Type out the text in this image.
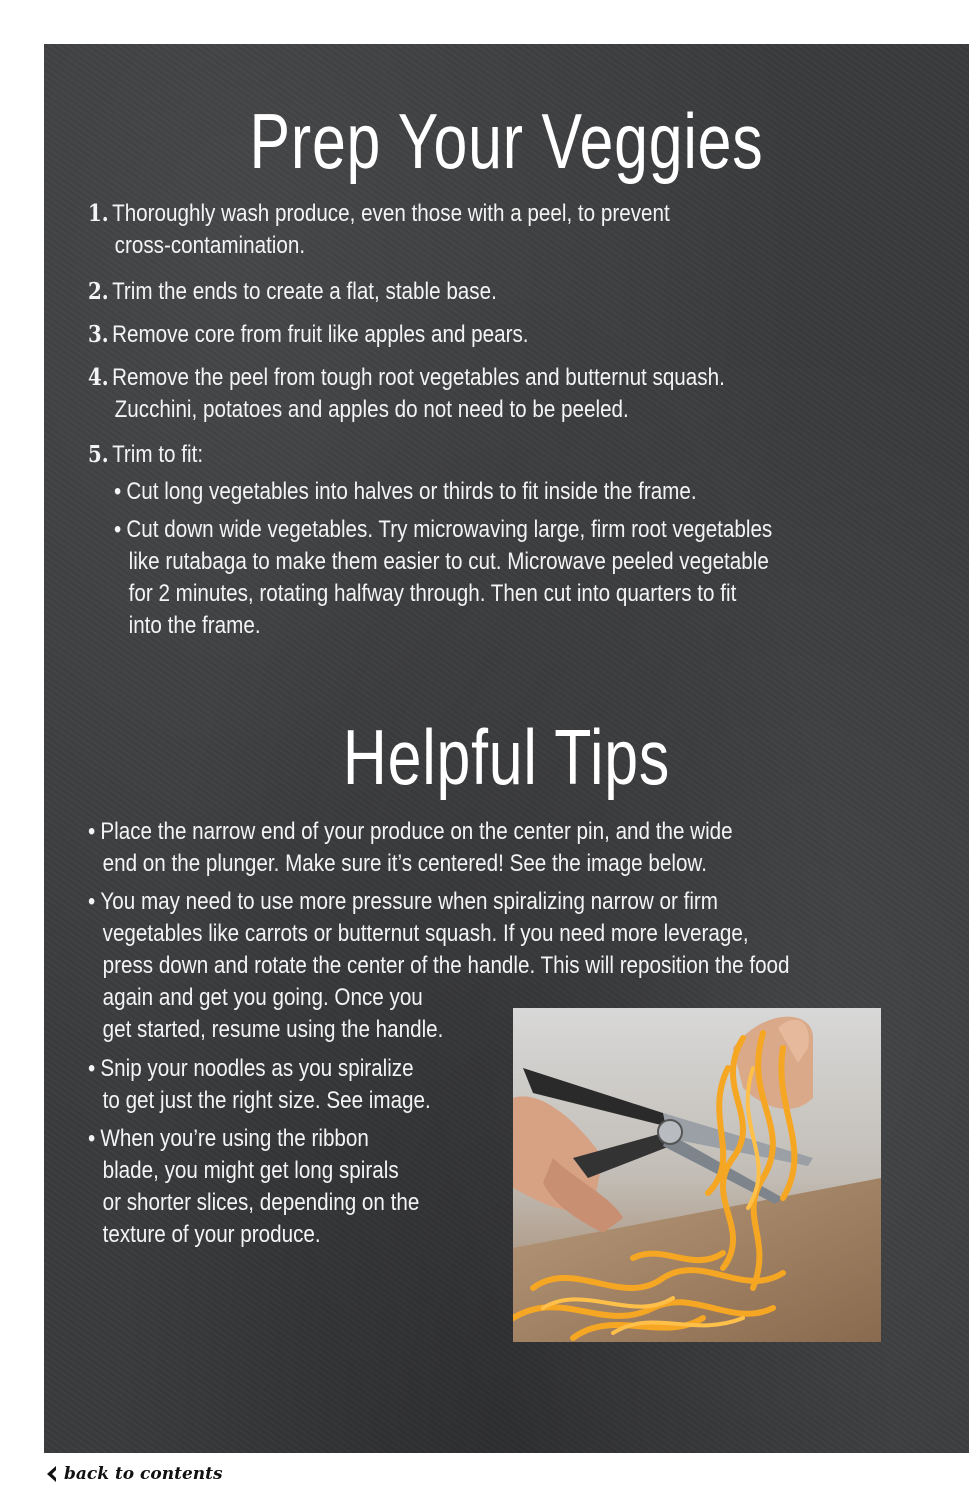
Prep Your Veggies
1. Thoroughly wash produce, even those with a peel, to prevent
cross-contamination.
2. Trim the ends to create a flat, stable base.
3. Remove core from fruit like apples and pears.
4. Remove the peel from tough root vegetables and butternut squash.
Zucchini, potatoes and apples do not need to be peeled.
5. Trim to fit:
• Cut long vegetables into halves or thirds to fit inside the frame.
• Cut down wide vegetables. Try microwaving large, firm root vegetables
like rutabaga to make them easier to cut. Microwave peeled vegetable
for 2 minutes, rotating halfway through. Then cut into quarters to fit
into the frame.
Helpful Tips
• Place the narrow end of your produce on the center pin, and the wide
end on the plunger. Make sure it’s centered! See the image below.
• You may need to use more pressure when spiralizing narrow or firm
vegetables like carrots or butternut squash. If you need more leverage,
press down and rotate the center of the handle. This will reposition the food
again and get you going. Once you
get started, resume using the handle.
• Snip your noodles as you spiralize
to get just the right size. See image.
• When you’re using the ribbon
blade, you might get long spirals
or shorter slices, depending on the
texture of your produce.
back to contents
